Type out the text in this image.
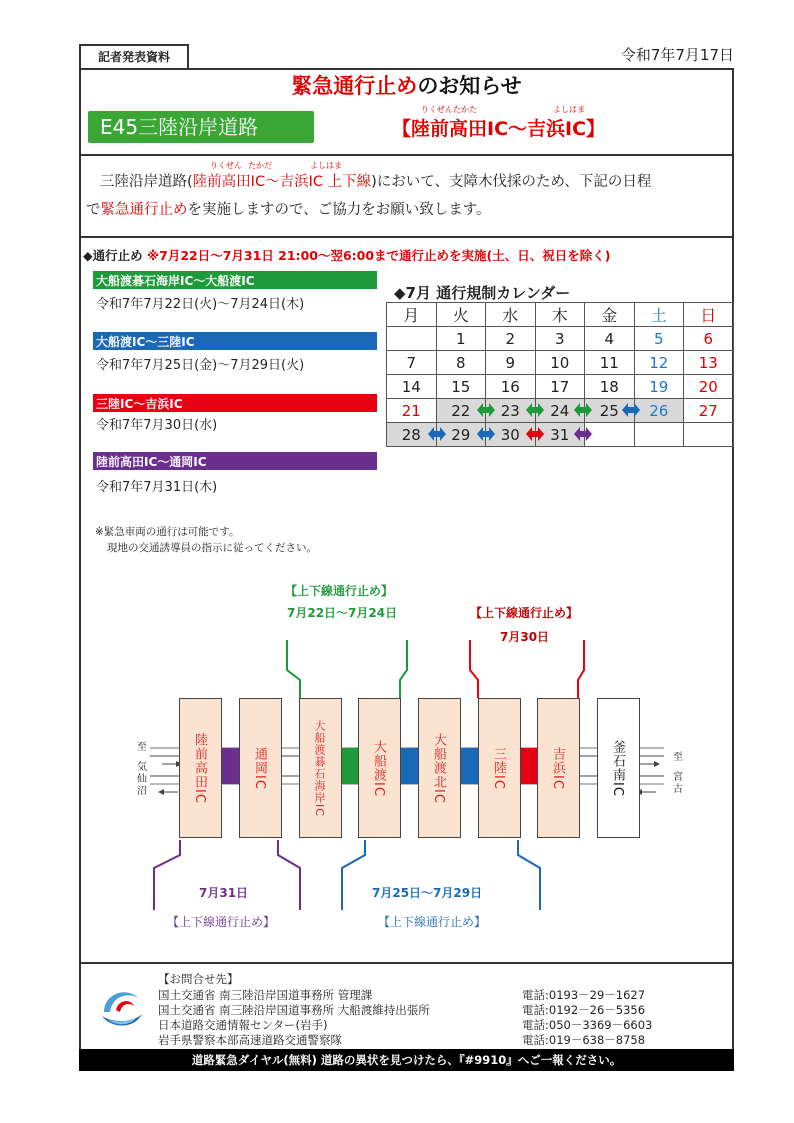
記者発表資料	令和7年7月17日
緊急通行止めのお知らせ
E45三陸沿岸道路
りくぜんたかた	よしはま
【陸前高田IC～吉浜IC】
りくぜん たかだ	よしはま
三陸沿岸道路(陸前高田IC～吉浜IC 上下線)において、支障木伐採のため、下記の日程
で緊急通行止めを実施しますので、ご協力をお願い致します。
◆通行止め ※7月22日～7月31日 21:00～翌6:00まで通行止めを実施(土、日、祝日を除く)
大船渡碁石海岸IC～大船渡IC
令和7年7月22日(火)～7月24日(木)
大船渡IC～三陸IC
令和7年7月25日(金)～7月29日(火)
三陸IC～吉浜IC
令和7年7月30日(水)
陸前高田IC～通岡IC
令和7年7月31日(木)
◆7月 通行規制カレンダー
月	火	水	木	金	土	日
	1	2	3	4	5	6
7	8	9	10	11	12	13
14	15	16	17	18	19	20
21	22	23	24	25	26	27
28	29	30	31			
※緊急車両の通行は可能です。
現地の交通誘導員の指示に従ってください。
陸前高田IC	通岡IC	大船渡碁石海岸IC	大船渡IC	大船渡北IC	三陸IC	吉浜IC	釜石南IC
至
気仙沼
至
宮古
【上下線通行止め】
7月22日～7月24日	【上下線通行止め】
7月30日
7月31日
【上下線通行止め】
7月25日～7月29日
【上下線通行止め】
【お問合せ先】
国土交通省 南三陸沿岸国道事務所 管理課	電話:0193－29－1627
国土交通省 南三陸沿岸国道事務所 大船渡維持出張所	電話:0192－26－5356
日本道路交通情報センター(岩手)	電話:050－3369－6603
岩手県警察本部高速道路交通警察隊	電話:019－638－8758
道路緊急ダイヤル(無料) 道路の異状を見つけたら、『#9910』へご一報ください。
